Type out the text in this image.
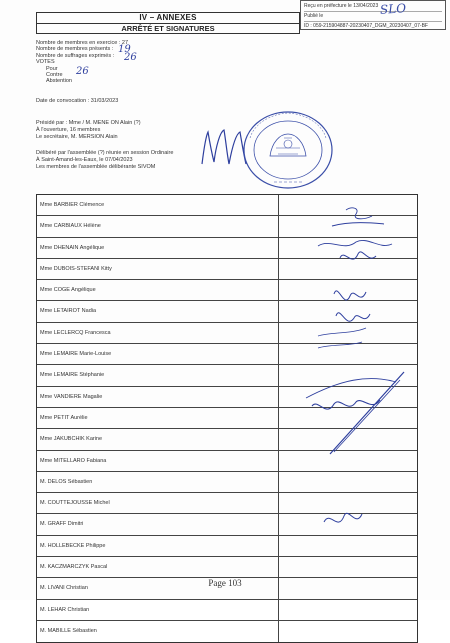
IV – ANNEXES
ARRÊTÉ ET SIGNATURES
Reçu en préfecture le 13/04/2023
Publié le
ID : 059-215904887-20230407_DGM_20230407_07-BF
SLO
Nombre de membres en exercice : 27
Nombre de membres présents :
Nombre de suffrages exprimés :
VOTES
Pour
Contre
Abstention
19
26
26
Date de convocation : 31/03/2023
Présidé par : Mme / M. MENE ON Alain (?)
À l'ouverture, 16 membres
Le secrétaire, M. MERSION Alain
Délibéré par l'assemblée (?) réunie en session Ordinaire
À Saint-Amand-les-Eaux, le 07/04/2023
Les membres de l'assemblée délibérante SIVOM
Mme BARBIER Clémence
Mme CARBIAUX Hélène
Mme DHENAIN Angélique
Mme DUBOIS-STEFANI Kitty
Mme COGE Angélique
Mme LETAIROT Nadia
Mme LECLERCQ Francesca
Mme LEMAIRE Marie-Louise
Mme LEMAIRE Stéphanie
Mme VANDIERE Magalie
Mme PETIT Aurélie
Mme JAKUBCHIK Karine
Mme MITELLARO Fabiana
M. DELOS Sébastien
M. COUTTEJOUSSE Michel
M. GRAFF Dimitri
M. HOLLEBECKE Philippe
M. KACZMARCZYK Pascal
M. LIVANI Christian
M. LEHAR Christian
M. MABILLE Sébastien
Page 103
